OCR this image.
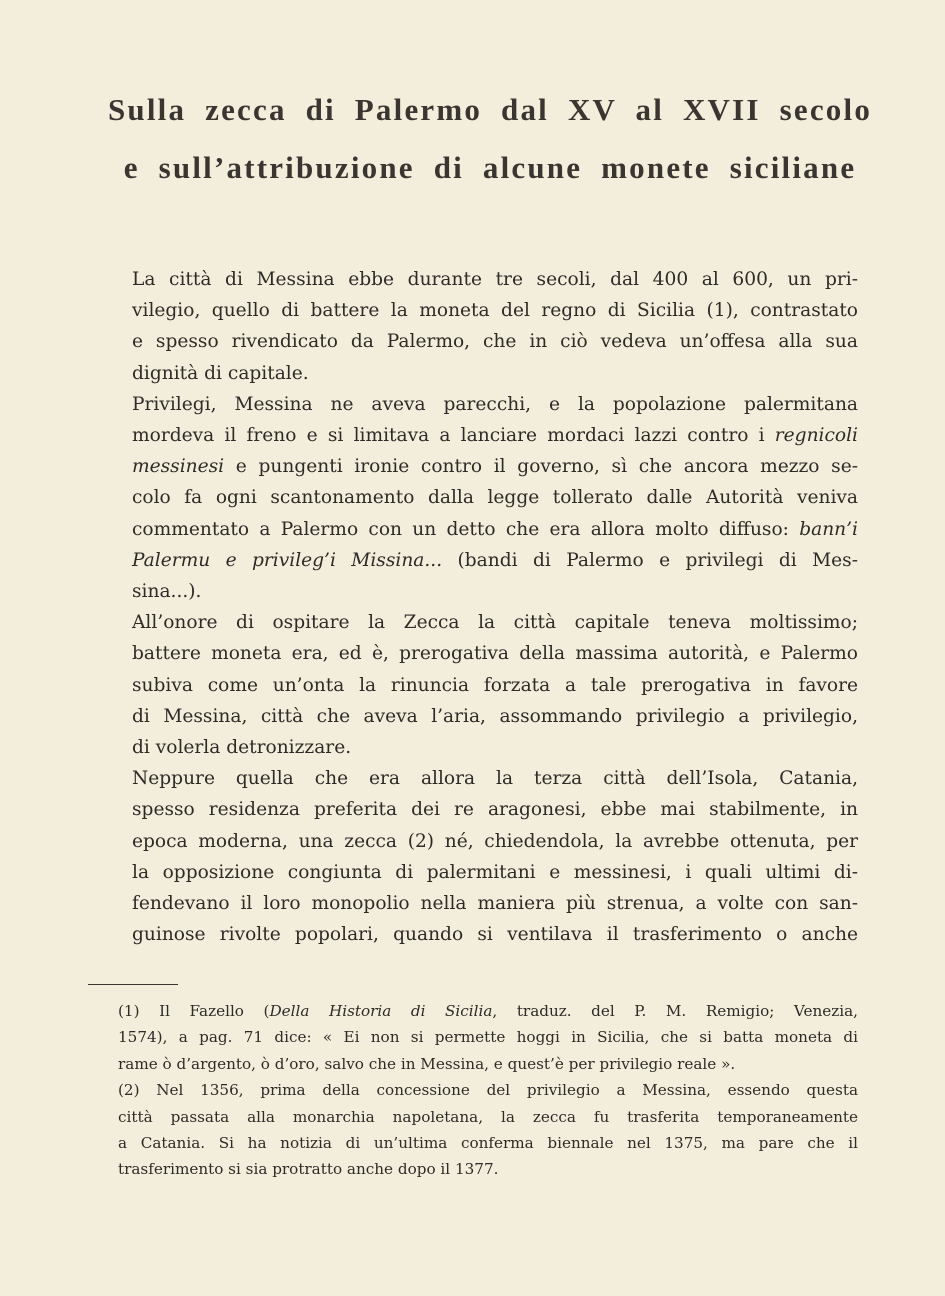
Sulla zecca di Palermo dal XV al XVII secolo
e sull’attribuzione di alcune monete siciliane

La città di Messina ebbe durante tre secoli, dal 400 al 600, un pri-
vilegio, quello di battere la moneta del regno di Sicilia (1), contrastato
e spesso rivendicato da Palermo, che in ciò vedeva un’offesa alla sua
dignità di capitale.

Privilegi, Messina ne aveva parecchi, e la popolazione palermitana
mordeva il freno e si limitava a lanciare mordaci lazzi contro i regnicoli
messinesi e pungenti ironie contro il governo, sì che ancora mezzo se-
colo fa ogni scantonamento dalla legge tollerato dalle Autorità veniva
commentato a Palermo con un detto che era allora molto diffuso: bann’i
Palermu e privileg’i Missina... (bandi di Palermo e privilegi di Mes-
sina...).

All’onore di ospitare la Zecca la città capitale teneva moltissimo;
battere moneta era, ed è, prerogativa della massima autorità, e Palermo
subiva come un’onta la rinuncia forzata a tale prerogativa in favore
di Messina, città che aveva l’aria, assommando privilegio a privilegio,
di volerla detronizzare.

Neppure quella che era allora la terza città dell’Isola, Catania,
spesso residenza preferita dei re aragonesi, ebbe mai stabilmente, in
epoca moderna, una zecca (2) né, chiedendola, la avrebbe ottenuta, per
la opposizione congiunta di palermitani e messinesi, i quali ultimi di-
fendevano il loro monopolio nella maniera più strenua, a volte con san-
guinose rivolte popolari, quando si ventilava il trasferimento o anche

(1) Il Fazello (Della Historia di Sicilia, traduz. del P. M. Remigio; Venezia,
1574), a pag. 71 dice: « Ei non si permette hoggi in Sicilia, che si batta moneta di
rame ò d’argento, ò d’oro, salvo che in Messina, e quest’è per privilegio reale ».

(2) Nel 1356, prima della concessione del privilegio a Messina, essendo questa
città passata alla monarchia napoletana, la zecca fu trasferita temporaneamente
a Catania. Si ha notizia di un’ultima conferma biennale nel 1375, ma pare che il
trasferimento si sia protratto anche dopo il 1377.
